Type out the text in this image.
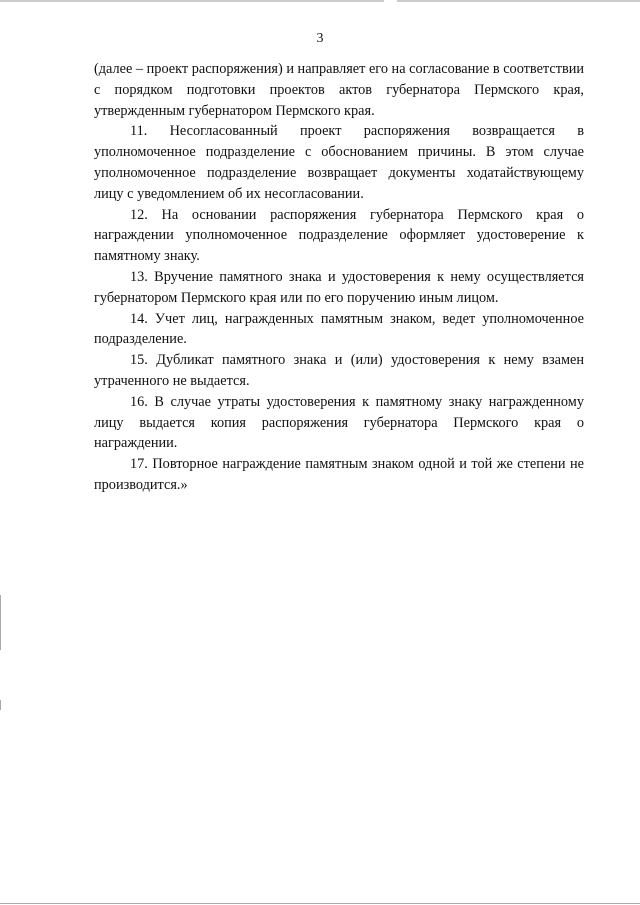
3

(далее – проект распоряжения) и направляет его на согласование в соответствии с порядком подготовки проектов актов губернатора Пермского края, утвержденным губернатором Пермского края.

11. Несогласованный проект распоряжения возвращается в уполномоченное подразделение с обоснованием причины. В этом случае уполномоченное подразделение возвращает документы ходатайствующему лицу с уведомлением об их несогласовании.

12. На основании распоряжения губернатора Пермского края о награждении уполномоченное подразделение оформляет удостоверение к памятному знаку.

13. Вручение памятного знака и удостоверения к нему осуществляется губернатором Пермского края или по его поручению иным лицом.

14. Учет лиц, награжденных памятным знаком, ведет уполномоченное подразделение.

15. Дубликат памятного знака и (или) удостоверения к нему взамен утраченного не выдается.

16. В случае утраты удостоверения к памятному знаку награжденному лицу выдается копия распоряжения губернатора Пермского края о награждении.

17. Повторное награждение памятным знаком одной и той же степени не производится.»
